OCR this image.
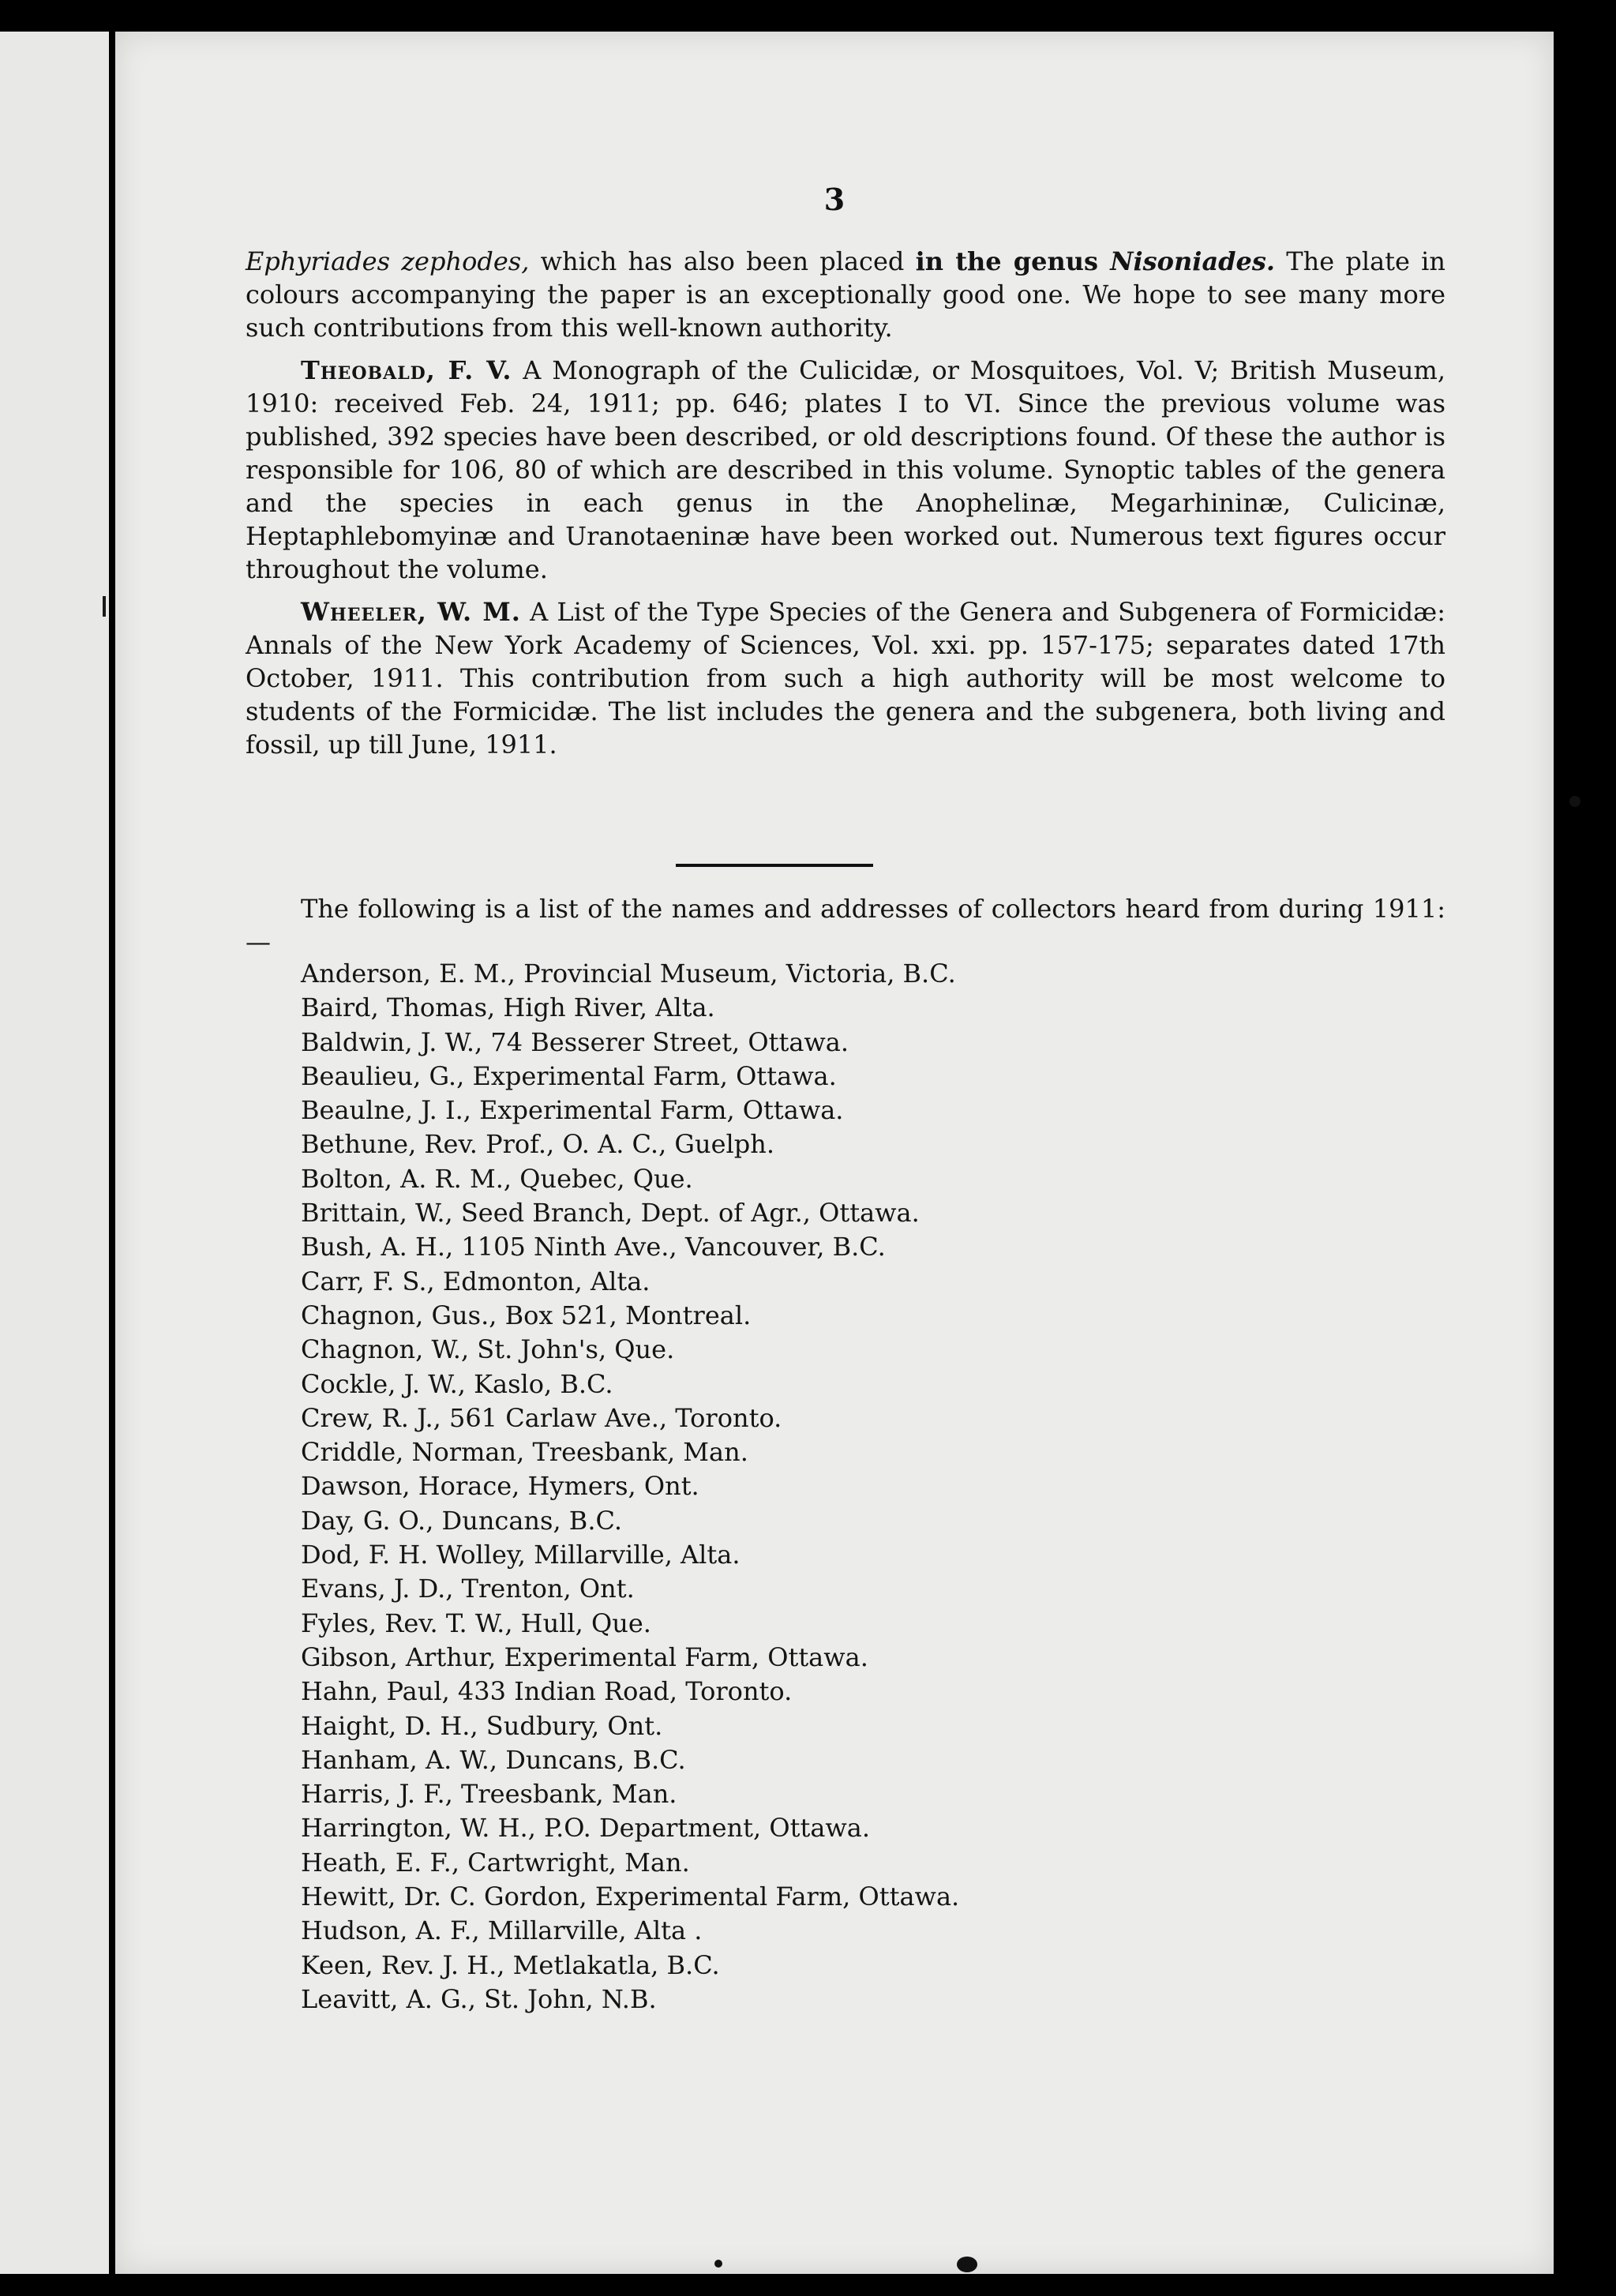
3

Ephyriades zephodes, which has also been placed in the genus Nisoniades. The plate in colours accompanying the paper is an exceptionally good one. We hope to see many more such contributions from this well-known authority.

Theobald, F. V. A Monograph of the Culicidæ, or Mosquitoes, Vol. V; British Museum, 1910: received Feb. 24, 1911; pp. 646; plates I to VI. Since the previous volume was published, 392 species have been described, or old descriptions found. Of these the author is responsible for 106, 80 of which are described in this volume. Synoptic tables of the genera and the species in each genus in the Anophelinæ, Megarhininæ, Culicinæ, Heptaphlebomyinæ and Uranotaeninæ have been worked out. Numerous text figures occur throughout the volume.

Wheeler, W. M. A List of the Type Species of the Genera and Subgenera of Formicidæ: Annals of the New York Academy of Sciences, Vol. xxi. pp. 157-175; separates dated 17th October, 1911. This contribution from such a high authority will be most welcome to students of the Formicidæ. The list includes the genera and the subgenera, both living and fossil, up till June, 1911.

The following is a list of the names and addresses of collectors heard from during 1911:—
Anderson, E. M., Provincial Museum, Victoria, B.C.
Baird, Thomas, High River, Alta.
Baldwin, J. W., 74 Besserer Street, Ottawa.
Beaulieu, G., Experimental Farm, Ottawa.
Beaulne, J. I., Experimental Farm, Ottawa.
Bethune, Rev. Prof., O. A. C., Guelph.
Bolton, A. R. M., Quebec, Que.
Brittain, W., Seed Branch, Dept. of Agr., Ottawa.
Bush, A. H., 1105 Ninth Ave., Vancouver, B.C.
Carr, F. S., Edmonton, Alta.
Chagnon, Gus., Box 521, Montreal.
Chagnon, W., St. John's, Que.
Cockle, J. W., Kaslo, B.C.
Crew, R. J., 561 Carlaw Ave., Toronto.
Criddle, Norman, Treesbank, Man.
Dawson, Horace, Hymers, Ont.
Day, G. O., Duncans, B.C.
Dod, F. H. Wolley, Millarville, Alta.
Evans, J. D., Trenton, Ont.
Fyles, Rev. T. W., Hull, Que.
Gibson, Arthur, Experimental Farm, Ottawa.
Hahn, Paul, 433 Indian Road, Toronto.
Haight, D. H., Sudbury, Ont.
Hanham, A. W., Duncans, B.C.
Harris, J. F., Treesbank, Man.
Harrington, W. H., P.O. Department, Ottawa.
Heath, E. F., Cartwright, Man.
Hewitt, Dr. C. Gordon, Experimental Farm, Ottawa.
Hudson, A. F., Millarville, Alta .
Keen, Rev. J. H., Metlakatla, B.C.
Leavitt, A. G., St. John, N.B.
